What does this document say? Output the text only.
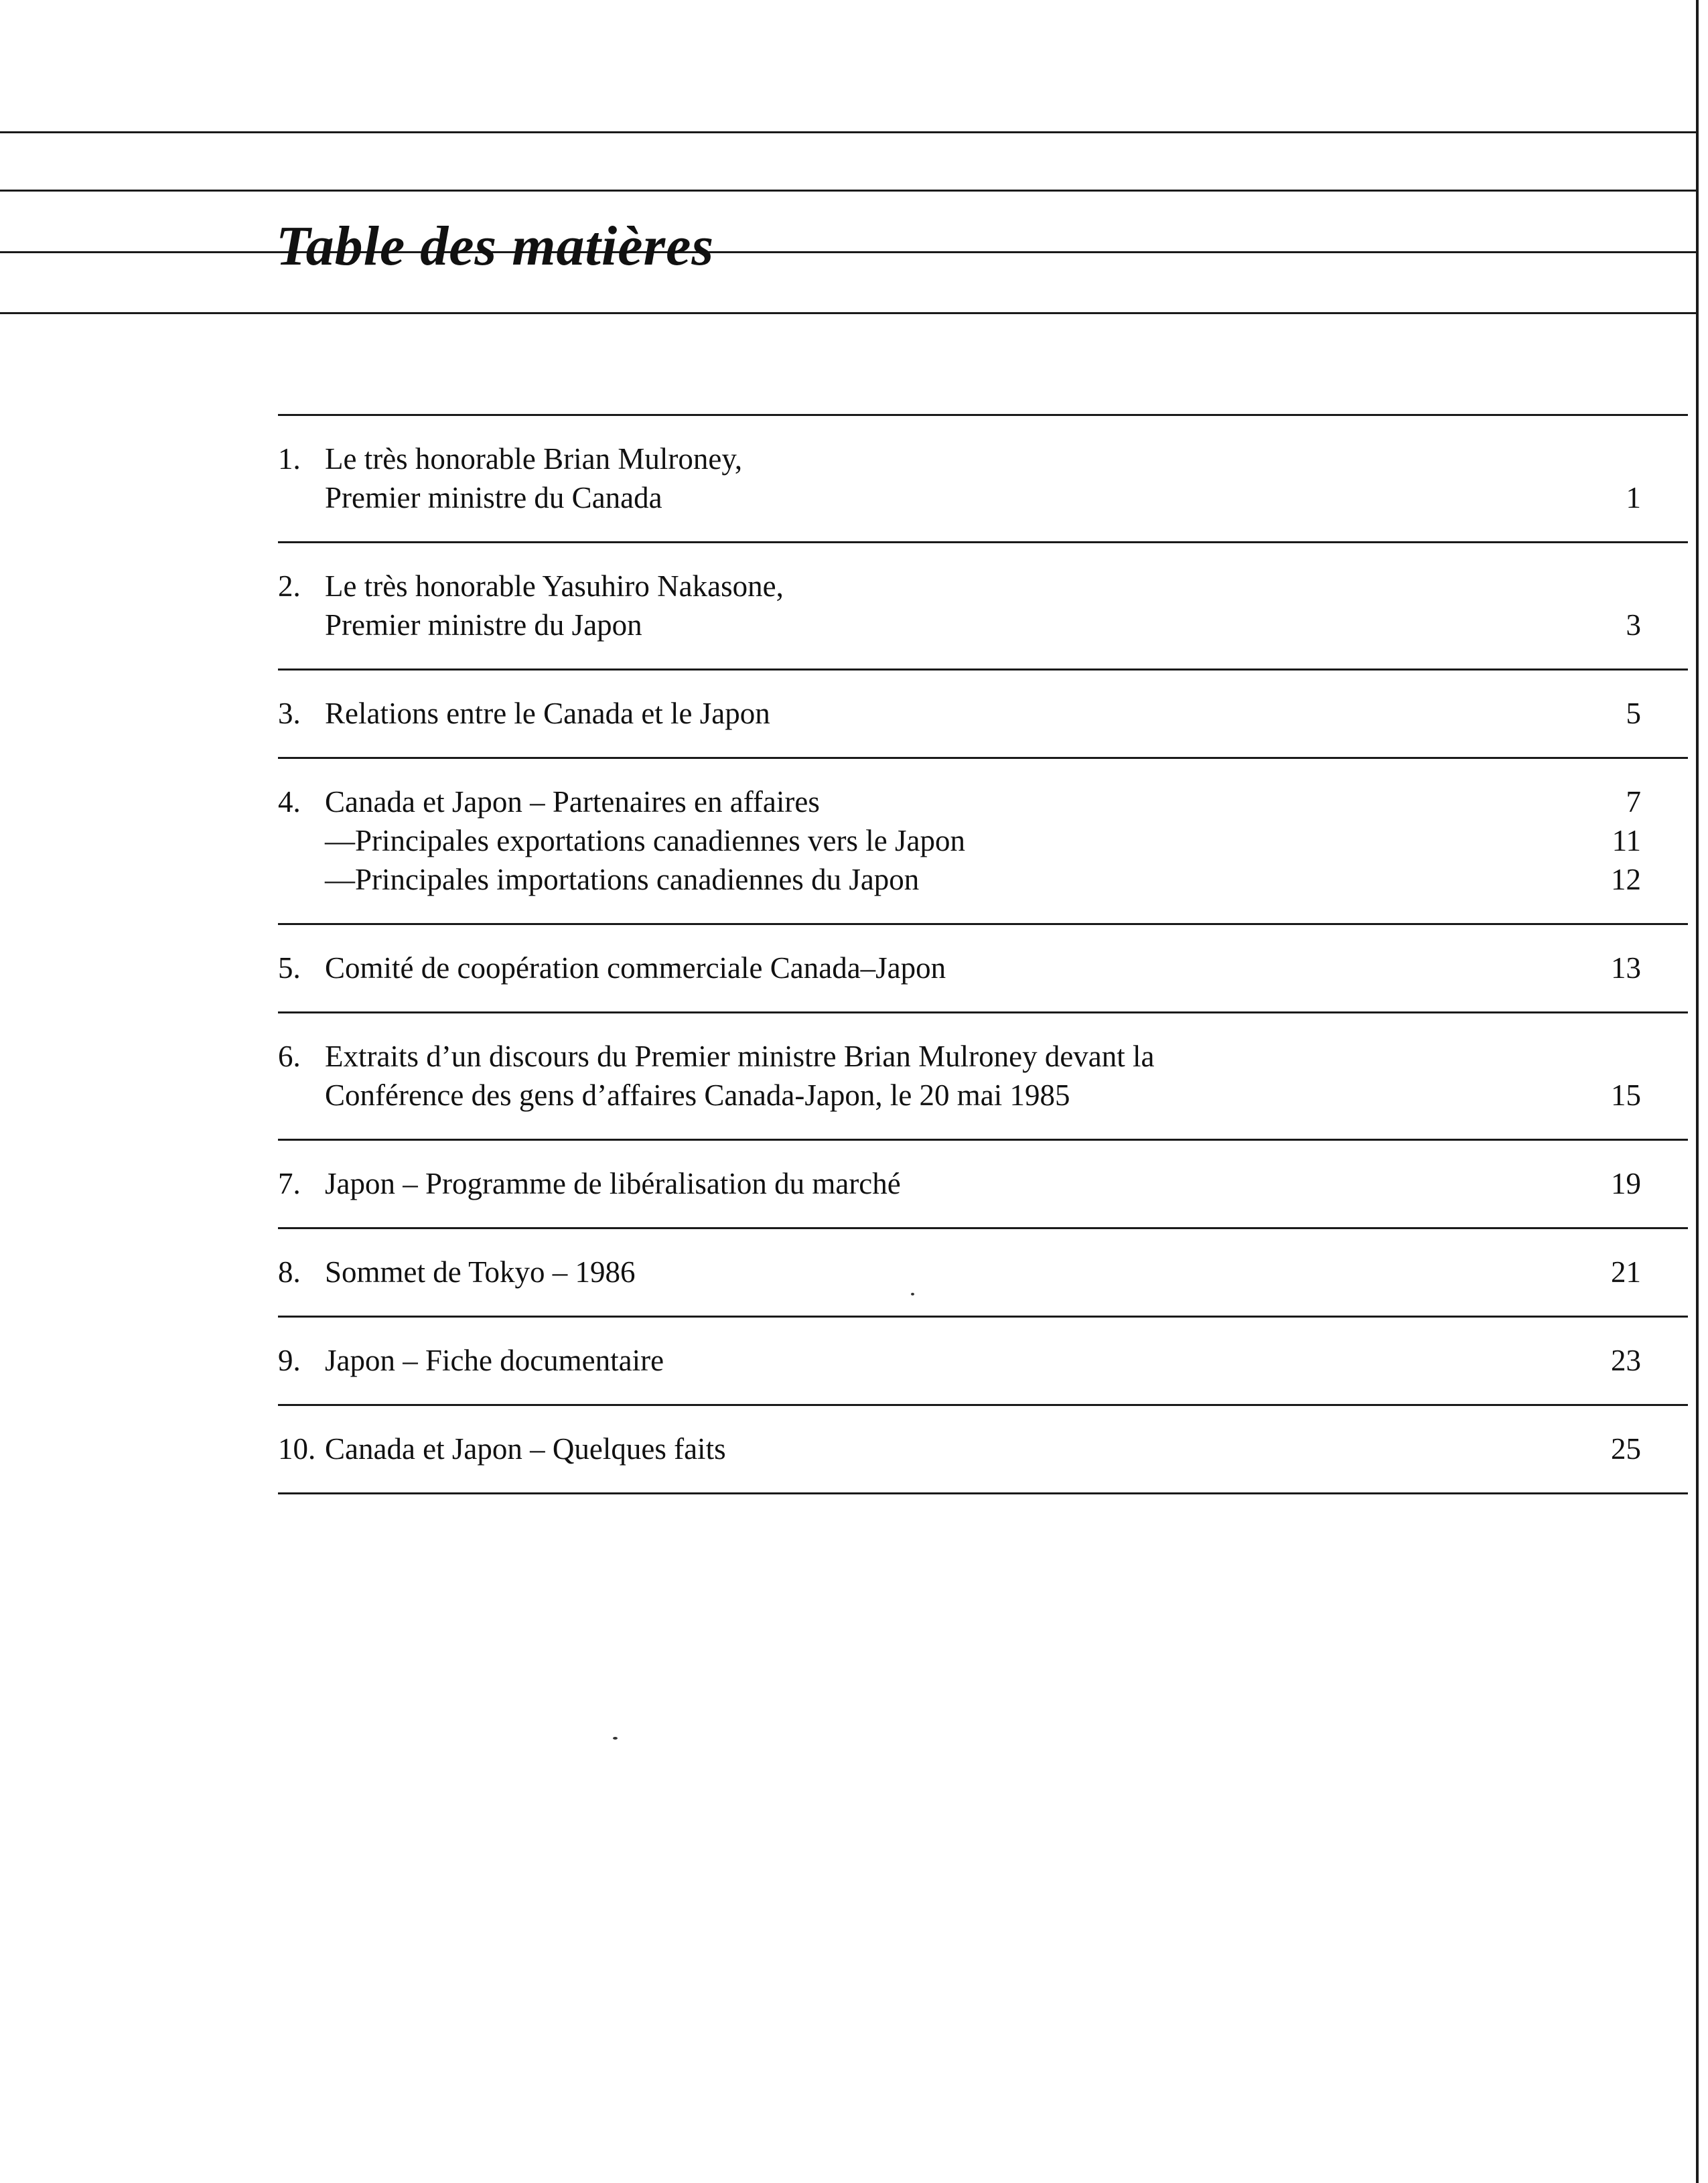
Table des matières
1. Le très honorable Brian Mulroney,
Premier ministre du Canada	1
2. Le très honorable Yasuhiro Nakasone,
Premier ministre du Japon	3
3. Relations entre le Canada et le Japon	5
4. Canada et Japon – Partenaires en affaires	7
—Principales exportations canadiennes vers le Japon	11
—Principales importations canadiennes du Japon	12
5. Comité de coopération commerciale Canada–Japon	13
6. Extraits d’un discours du Premier ministre Brian Mulroney devant la
Conférence des gens d’affaires Canada-Japon, le 20 mai 1985	15
7. Japon – Programme de libéralisation du marché	19
8. Sommet de Tokyo – 1986	21
9. Japon – Fiche documentaire	23
10. Canada et Japon – Quelques faits	25
